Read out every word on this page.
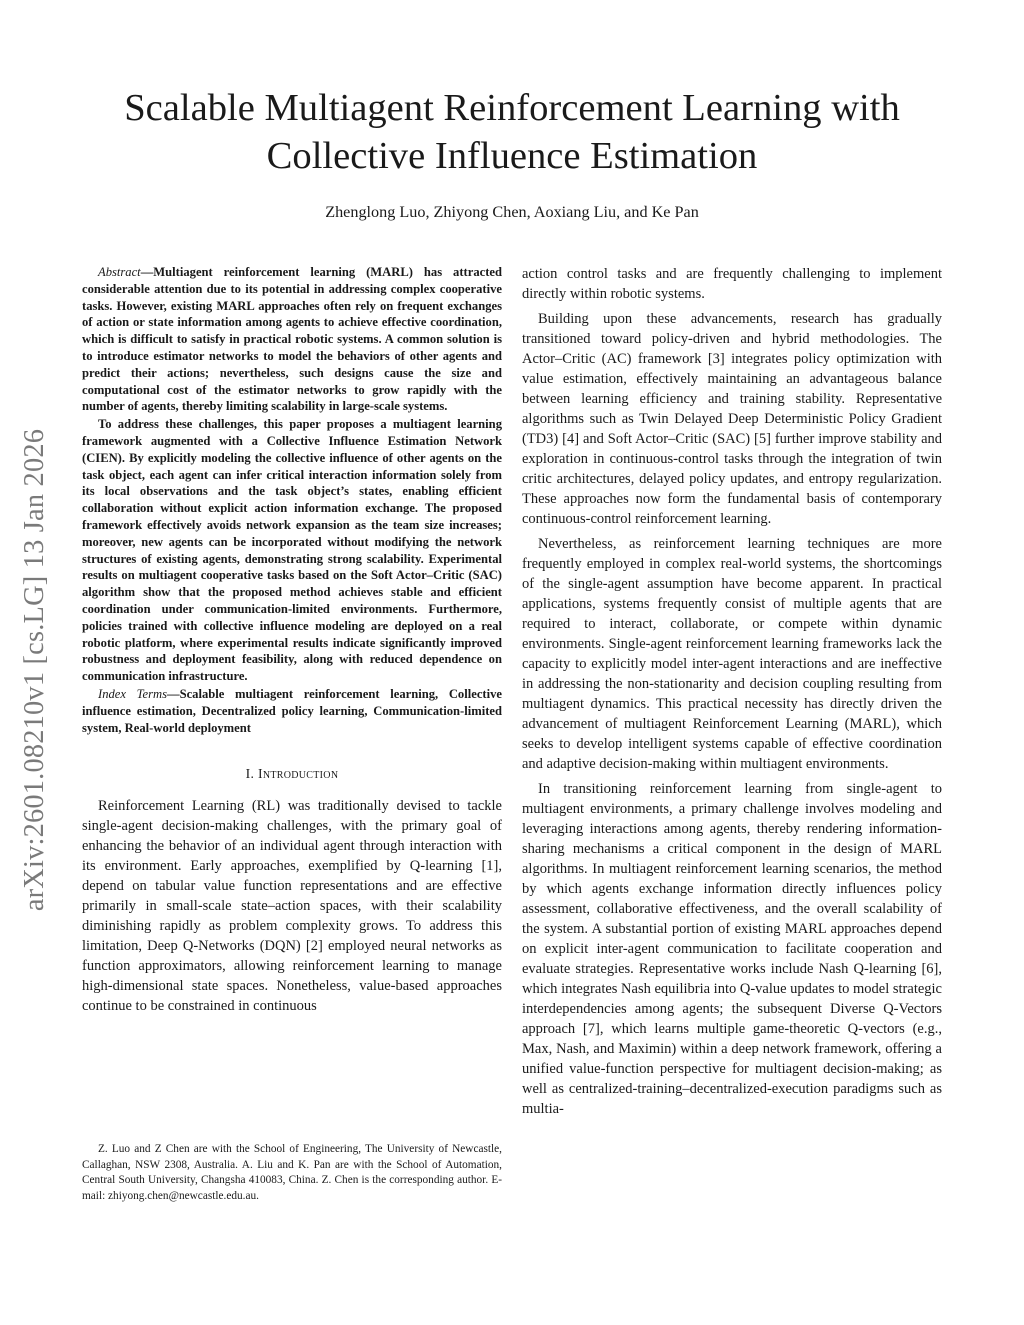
arXiv:2601.08210v1 [cs.LG] 13 Jan 2026
Scalable Multiagent Reinforcement Learning with
Collective Influence Estimation
Zhenglong Luo, Zhiyong Chen, Aoxiang Liu, and Ke Pan

Abstract—Multiagent reinforcement learning (MARL) has attracted considerable attention due to its potential in addressing complex cooperative tasks. However, existing MARL approaches often rely on frequent exchanges of action or state information among agents to achieve effective coordination, which is difficult to satisfy in practical robotic systems. A common solution is to introduce estimator networks to model the behaviors of other agents and predict their actions; nevertheless, such designs cause the size and computational cost of the estimator networks to grow rapidly with the number of agents, thereby limiting scalability in large-scale systems.

To address these challenges, this paper proposes a multiagent learning framework augmented with a Collective Influence Estimation Network (CIEN). By explicitly modeling the collective influence of other agents on the task object, each agent can infer critical interaction information solely from its local observations and the task object’s states, enabling efficient collaboration without explicit action information exchange. The proposed framework effectively avoids network expansion as the team size increases; moreover, new agents can be incorporated without modifying the network structures of existing agents, demonstrating strong scalability. Experimental results on multiagent cooperative tasks based on the Soft Actor–Critic (SAC) algorithm show that the proposed method achieves stable and efficient coordination under communication-limited environments. Furthermore, policies trained with collective influence modeling are deployed on a real robotic platform, where experimental results indicate significantly improved robustness and deployment feasibility, along with reduced dependence on communication infrastructure.

Index Terms—Scalable multiagent reinforcement learning, Collective influence estimation, Decentralized policy learning, Communication-limited system, Real-world deployment

I. Introduction

Reinforcement Learning (RL) was traditionally devised to tackle single-agent decision-making challenges, with the primary goal of enhancing the behavior of an individual agent through interaction with its environment. Early approaches, exemplified by Q-learning [1], depend on tabular value function representations and are effective primarily in small-scale state–action spaces, with their scalability diminishing rapidly as problem complexity grows. To address this limitation, Deep Q-Networks (DQN) [2] employed neural networks as function approximators, allowing reinforcement learning to manage high-dimensional state spaces. Nonetheless, value-based approaches continue to be constrained in continuous

Z. Luo and Z Chen are with the School of Engineering, The University of Newcastle, Callaghan, NSW 2308, Australia. A. Liu and K. Pan are with the School of Automation, Central South University, Changsha 410083, China. Z. Chen is the corresponding author. E-mail: zhiyong.chen@newcastle.edu.au.

action control tasks and are frequently challenging to implement directly within robotic systems.

Building upon these advancements, research has gradually transitioned toward policy-driven and hybrid methodologies. The Actor–Critic (AC) framework [3] integrates policy optimization with value estimation, effectively maintaining an advantageous balance between learning efficiency and training stability. Representative algorithms such as Twin Delayed Deep Deterministic Policy Gradient (TD3) [4] and Soft Actor–Critic (SAC) [5] further improve stability and exploration in continuous-control tasks through the integration of twin critic architectures, delayed policy updates, and entropy regularization. These approaches now form the fundamental basis of contemporary continuous-control reinforcement learning.

Nevertheless, as reinforcement learning techniques are more frequently employed in complex real-world systems, the shortcomings of the single-agent assumption have become apparent. In practical applications, systems frequently consist of multiple agents that are required to interact, collaborate, or compete within dynamic environments. Single-agent reinforcement learning frameworks lack the capacity to explicitly model inter-agent interactions and are ineffective in addressing the non-stationarity and decision coupling resulting from multiagent dynamics. This practical necessity has directly driven the advancement of multiagent Reinforcement Learning (MARL), which seeks to develop intelligent systems capable of effective coordination and adaptive decision-making within multiagent environments.

In transitioning reinforcement learning from single-agent to multiagent environments, a primary challenge involves modeling and leveraging interactions among agents, thereby rendering information-sharing mechanisms a critical component in the design of MARL algorithms. In multiagent reinforcement learning scenarios, the method by which agents exchange information directly influences policy assessment, collaborative effectiveness, and the overall scalability of the system. A substantial portion of existing MARL approaches depend on explicit inter-agent communication to facilitate cooperation and evaluate strategies. Representative works include Nash Q-learning [6], which integrates Nash equilibria into Q-value updates to model strategic interdependencies among agents; the subsequent Diverse Q-Vectors approach [7], which learns multiple game-theoretic Q-vectors (e.g., Max, Nash, and Maximin) within a deep network framework, offering a unified value-function perspective for multiagent decision-making; as well as centralized-training–decentralized-execution paradigms such as multia-
